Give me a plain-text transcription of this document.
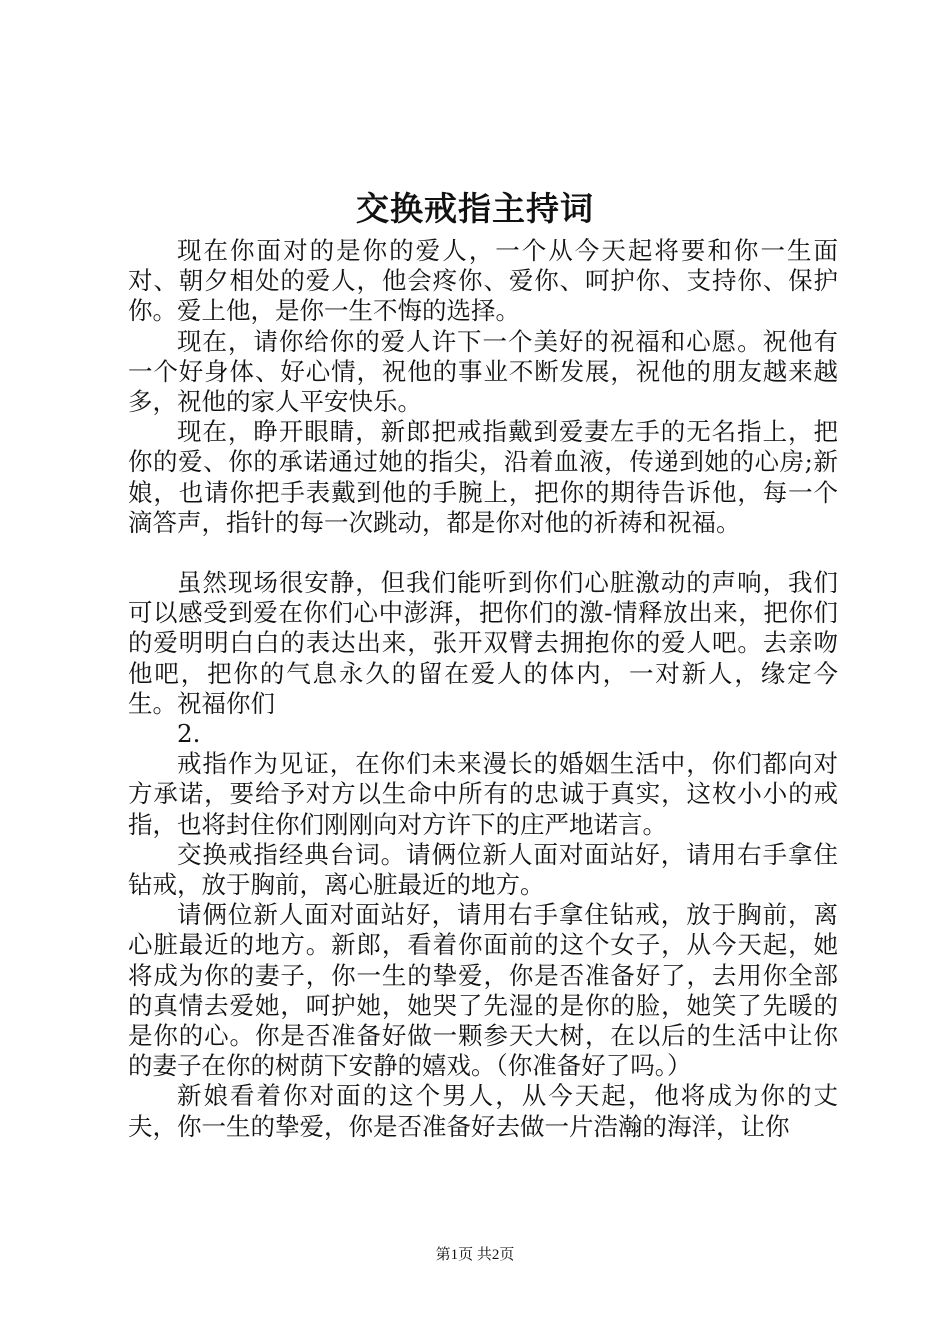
交换戒指主持词

现在你面对的是你的爱人，一个从今天起将要和你一生面对、朝夕相处的爱人，他会疼你、爱你、呵护你、支持你、保护你。爱上他，是你一生不悔的选择。

现在，请你给你的爱人许下一个美好的祝福和心愿。祝他有一个好身体、好心情，祝他的事业不断发展，祝他的朋友越来越多，祝他的家人平安快乐。

现在，睁开眼睛，新郎把戒指戴到爱妻左手的无名指上，把你的爱、你的承诺通过她的指尖，沿着血液，传递到她的心房;新娘，也请你把手表戴到他的手腕上，把你的期待告诉他，每一个滴答声，指针的每一次跳动，都是你对他的祈祷和祝福。

虽然现场很安静，但我们能听到你们心脏激动的声响，我们可以感受到爱在你们心中澎湃，把你们的激-情释放出来，把你们的爱明明白白的表达出来，张开双臂去拥抱你的爱人吧。去亲吻他吧，把你的气息永久的留在爱人的体内，一对新人，缘定今生。祝福你们

2.

戒指作为见证，在你们未来漫长的婚姻生活中，你们都向对方承诺，要给予对方以生命中所有的忠诚于真实，这枚小小的戒指，也将封住你们刚刚向对方许下的庄严地诺言。

交换戒指经典台词。请俩位新人面对面站好，请用右手拿住钻戒，放于胸前，离心脏最近的地方。

请俩位新人面对面站好，请用右手拿住钻戒，放于胸前，离心脏最近的地方。新郎，看着你面前的这个女子，从今天起，她将成为你的妻子，你一生的挚爱，你是否准备好了，去用你全部的真情去爱她，呵护她，她哭了先湿的是你的脸，她笑了先暖的是你的心。你是否准备好做一颗参天大树，在以后的生活中让你的妻子在你的树荫下安静的嬉戏。（你准备好了吗。）

新娘看着你对面的这个男人，从今天起，他将成为你的丈夫，你一生的挚爱，你是否准备好去做一片浩瀚的海洋，让你

第1页 共2页
